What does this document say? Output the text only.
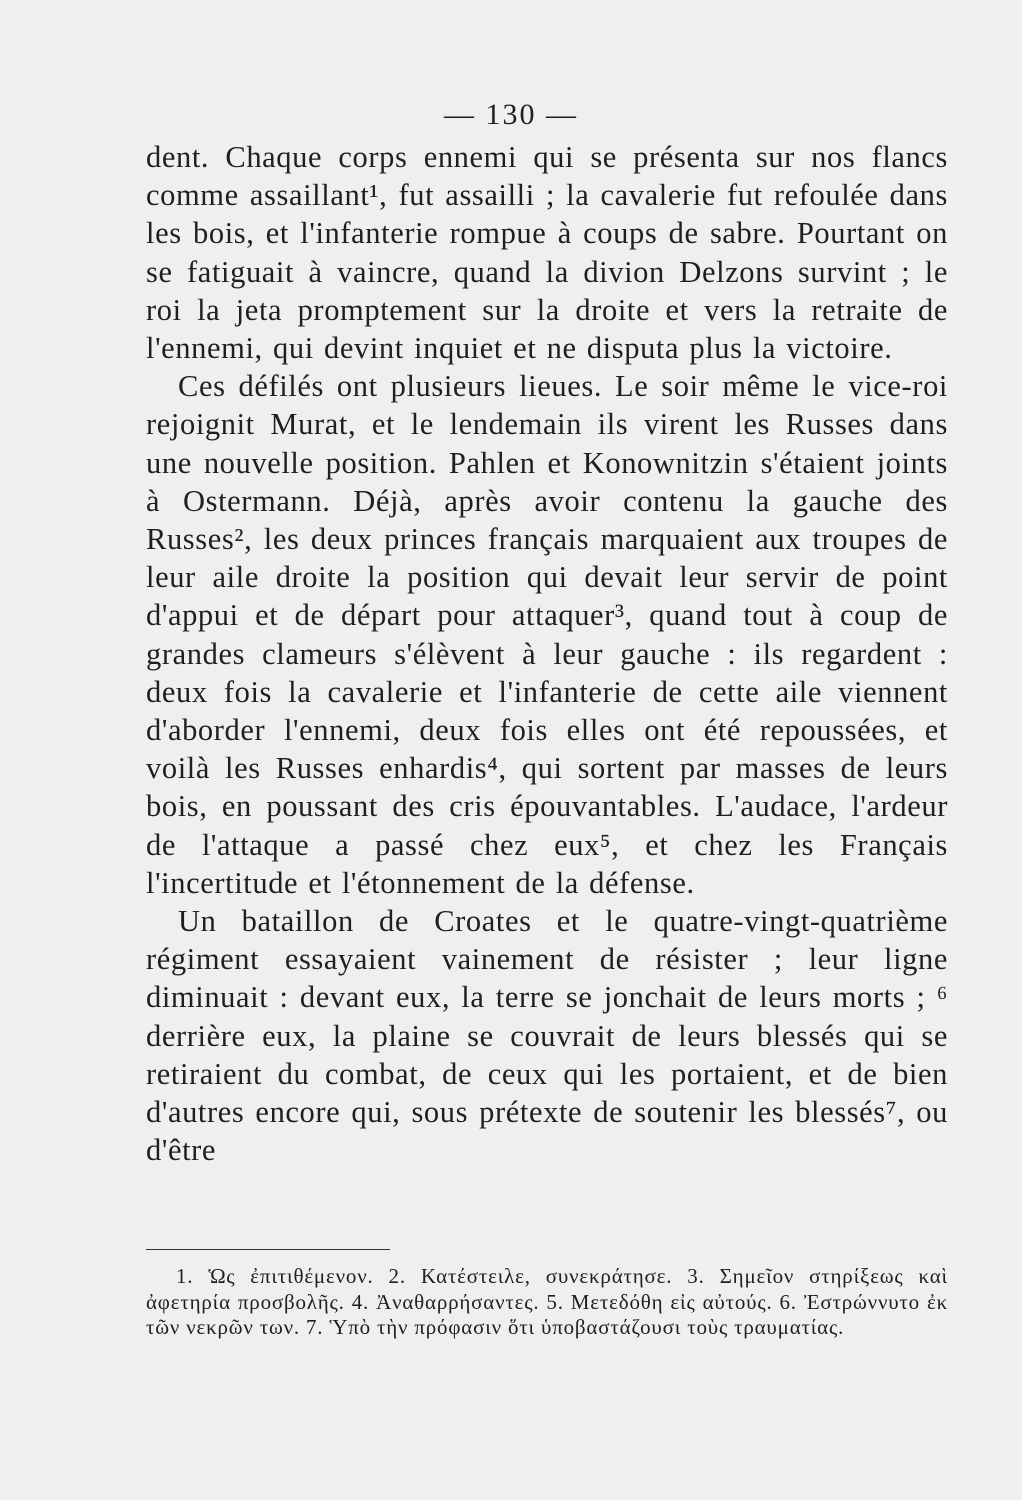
— 130 —

dent. Chaque corps ennemi qui se présenta sur nos flancs comme assaillant¹, fut assailli ; la cavalerie fut refoulée dans les bois, et l'infanterie rompue à coups de sabre. Pourtant on se fatiguait à vaincre, quand la divion Delzons survint ; le roi la jeta promptement sur la droite et vers la retraite de l'ennemi, qui devint inquiet et ne disputa plus la victoire.

Ces défilés ont plusieurs lieues. Le soir même le vice-roi rejoignit Murat, et le lendemain ils virent les Russes dans une nouvelle position. Pahlen et Konownitzin s'étaient joints à Ostermann. Déjà, après avoir contenu la gauche des Russes², les deux princes français marquaient aux troupes de leur aile droite la position qui devait leur servir de point d'appui et de départ pour attaquer³, quand tout à coup de grandes clameurs s'élèvent à leur gauche : ils regardent : deux fois la cavalerie et l'infanterie de cette aile viennent d'aborder l'ennemi, deux fois elles ont été repoussées, et voilà les Russes enhardis⁴, qui sortent par masses de leurs bois, en poussant des cris épouvantables. L'audace, l'ardeur de l'attaque a passé chez eux⁵, et chez les Français l'incertitude et l'étonnement de la défense.

Un bataillon de Croates et le quatre-vingt-quatrième régiment essayaient vainement de résister ; leur ligne diminuait : devant eux, la terre se jonchait de leurs morts ; ⁶ derrière eux, la plaine se couvrait de leurs blessés qui se retiraient du combat, de ceux qui les portaient, et de bien d'autres encore qui, sous prétexte de soutenir les blessés⁷, ou d'être

1. Ὡς ἐπιτιθέμενον. 2. Κατέστειλε, συνεκράτησε. 3. Σημεῖον στηρίξεως καὶ ἀφετηρία προσβολῆς. 4. Ἀναθαρρήσαντες. 5. Μετεδόθη εἰς αὐτούς. 6. Ἐστρώννυτο ἐκ τῶν νεκρῶν των. 7. Ὑπὸ τὴν πρόφασιν ὅτι ὑποβαστάζουσι τοὺς τραυματίας.
